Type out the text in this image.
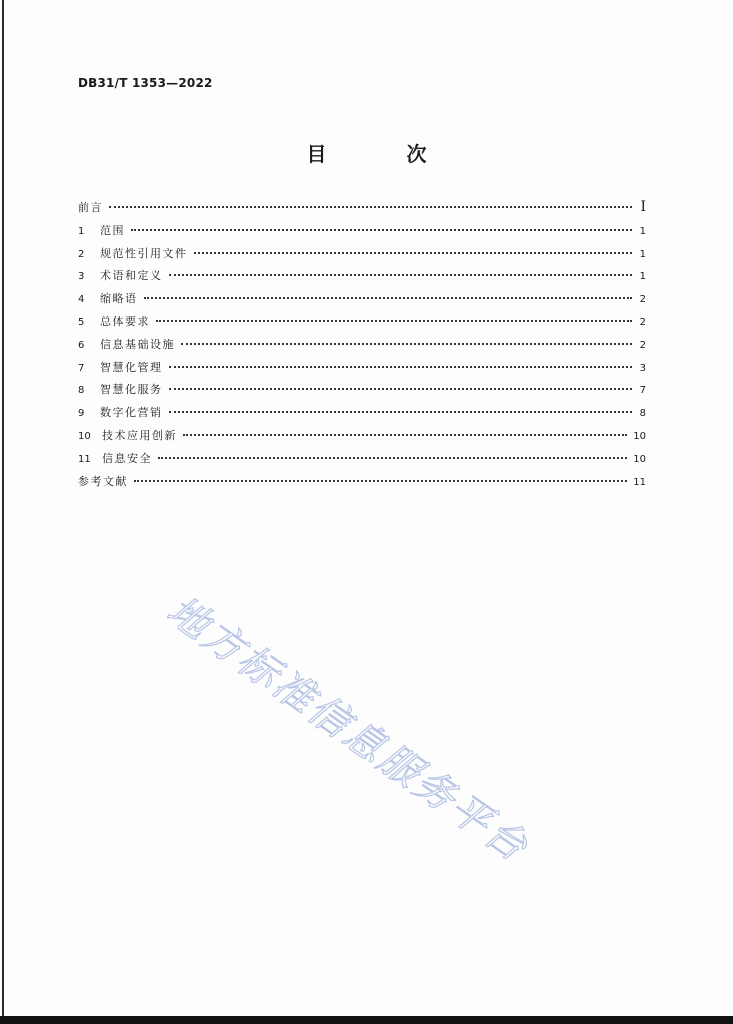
DB31/T 1353—2022
目　次
前言	I
1	范围	1
2	规范性引用文件	1
3	术语和定义	1
4	缩略语	2
5	总体要求	2
6	信息基础设施	2
7	智慧化管理	3
8	智慧化服务	7
9	数字化营销	8
10 技术应用创新	10
11 信息安全	10
参考文献	11
地方标准信息服务平台
